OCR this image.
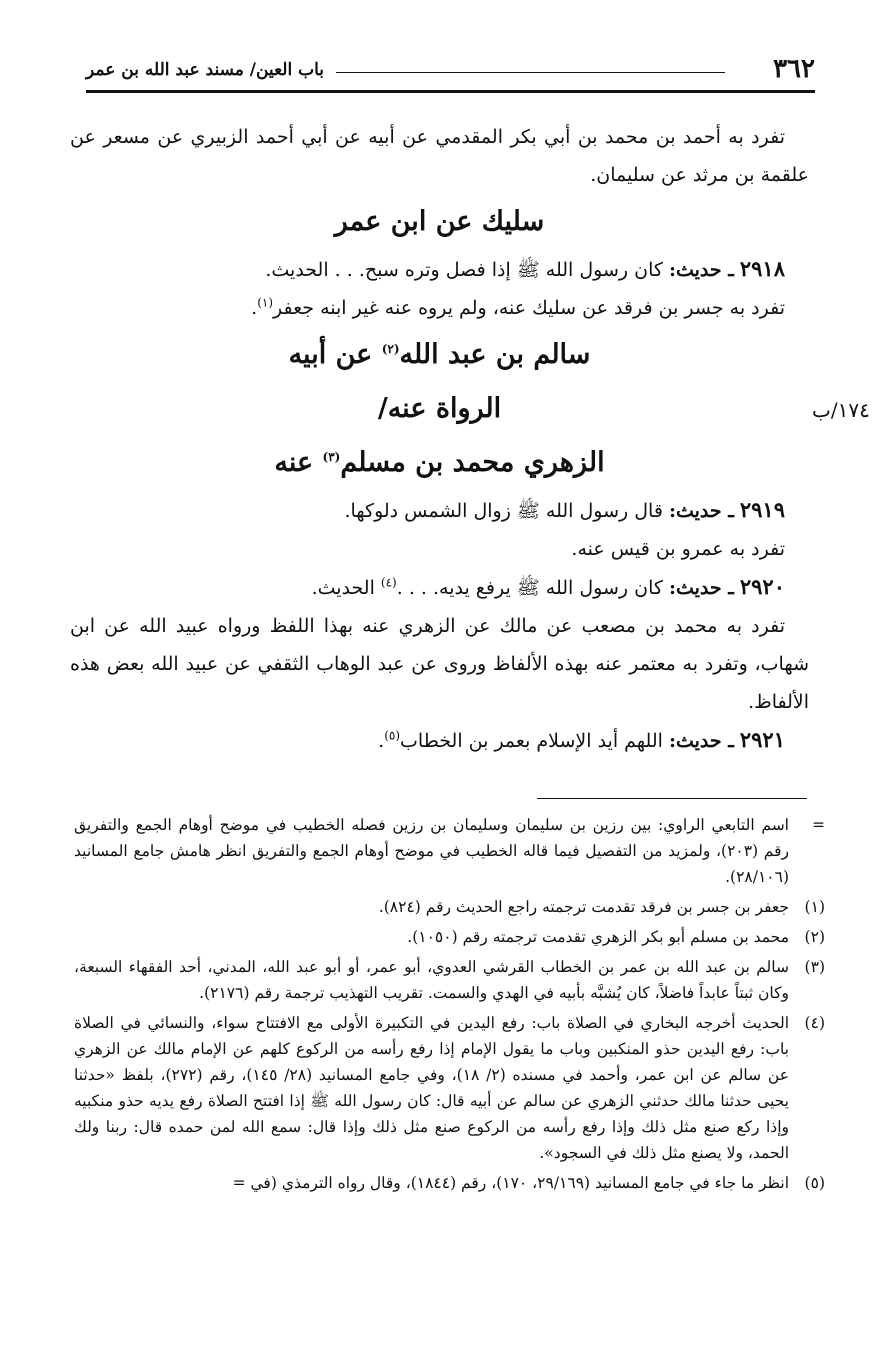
٣٦٢
باب العين/ مسند عبد الله بن عمر
١٧٤/ب

تفرد به أحمد بن محمد بن أبي بكر المقدمي عن أبيه عن أبي أحمد الزبيري عن مسعر عن علقمة بن مرثد عن سليمان.

سليك عن ابن عمر

٢٩١٨ ـ حديث: كان رسول الله ﷺ إذا فصل وتره سبح. . . الحديث.

تفرد به جسر بن فرقد عن سليك عنه، ولم يروه عنه غير ابنه جعفر$^{(١)}$.

سالم بن عبد الله$^{(٢)}$ عن أبيه
الرواة عنه/
الزهري محمد بن مسلم$^{(٣)}$ عنه

٢٩١٩ ـ حديث: قال رسول الله ﷺ زوال الشمس دلوكها.

تفرد به عمرو بن قيس عنه.

٢٩٢٠ ـ حديث: كان رسول الله ﷺ يرفع يديه. . . .$^{(٤)}$ الحديث.

تفرد به محمد بن مصعب عن مالك عن الزهري عنه بهذا اللفظ ورواه عبيد الله عن ابن شهاب، وتفرد به معتمر عنه بهذه الألفاظ وروى عن عبد الوهاب الثقفي عن عبيد الله بعض هذه الألفاظ.

٢٩٢١ ـ حديث: اللهم أيد الإسلام بعمر بن الخطاب$^{(٥)}$.

=
اسم التابعي الراوي: بين رزين بن سليمان وسليمان بن رزين فصله الخطيب في موضح أوهام الجمع والتفريق رقم (٢٠٣)، ولمزيد من التفصيل فيما قاله الخطيب في موضح أوهام الجمع والتفريق انظر هامش جامع المسانيد (٢٨/١٠٦).
(١)
جعفر بن جسر بن فرقد تقدمت ترجمته راجع الحديث رقم (٨٢٤).
(٢)
محمد بن مسلم أبو بكر الزهري تقدمت ترجمته رقم (١٠٥٠).
(٣)
سالم بن عبد الله بن عمر بن الخطاب القرشي العدوي، أبو عمر، أو أبو عبد الله، المدني، أحد الفقهاء السبعة، وكان ثبتاً عابداً فاضلاً، كان يُشبَّه بأبيه في الهدي والسمت. تقريب التهذيب ترجمة رقم (٢١٧٦).
(٤)
الحديث أخرجه البخاري في الصلاة باب: رفع اليدين في التكبيرة الأولى مع الافتتاح سواء، والنسائي في الصلاة باب: رفع اليدين حذو المنكبين وباب ما يقول الإمام إذا رفع رأسه من الركوع كلهم عن الإمام مالك عن الزهري عن سالم عن ابن عمر، وأحمد في مسنده (٢/ ١٨)، وفي جامع المسانيد (٢٨/ ١٤٥)، رقم (٢٧٢)، بلفظ «حدثنا يحيى حدثنا مالك حدثني الزهري عن سالم عن أبيه قال: كان رسول الله ﷺ إذا افتتح الصلاة رفع يديه حذو منكبيه وإذا ركع صنع مثل ذلك وإذا رفع رأسه من الركوع صنع مثل ذلك وإذا قال: سمع الله لمن حمده قال: ربنا ولك الحمد، ولا يصنع مثل ذلك في السجود».
(٥)
انظر ما جاء في جامع المسانيد (٢٩/١٦٩، ١٧٠)، رقم (١٨٤٤)، وقال رواه الترمذي (في =
